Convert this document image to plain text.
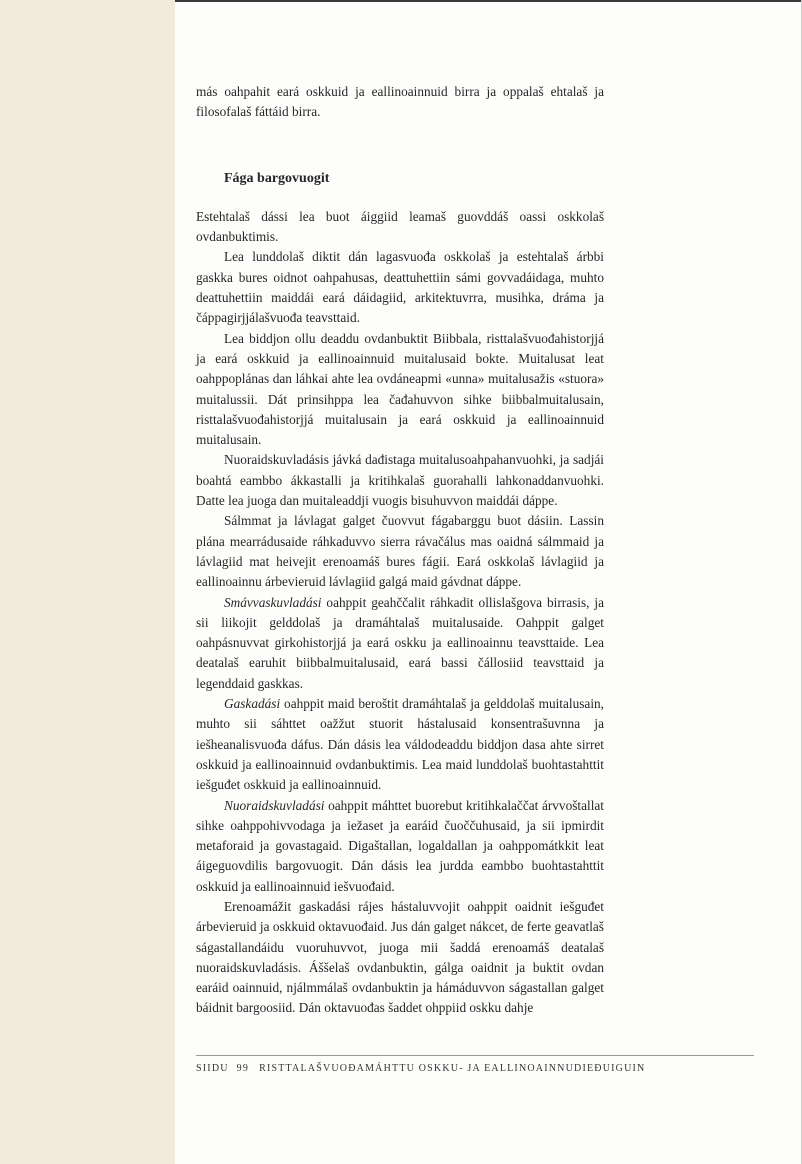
más oahpahit eará oskkuid ja eallinoainnuid birra ja oppalaš ehtalaš ja filosofalaš fáttáid birra.

Fága bargovuogit

Estehtalaš dássi lea buot áiggiid leamaš guovddáš oassi oskkolaš ovdanbuktimis.

Lea lunddolaš diktit dán lagasvuođa oskkolaš ja estehtalaš árbbi gaskka bures oidnot oahpahusas, deattuhettiin sámi govvadáidaga, muhto deattuhettiin maiddái eará dáidagiid, arkitektuvrra, musihka, dráma ja čáppagirjjálašvuođa teavsttaid.

Lea biddjon ollu deaddu ovdanbuktit Biibbala, risttalašvuođahistorjjá ja eará oskkuid ja eallinoainnuid muitalusaid bokte. Muitalusat leat oahppoplánas dan láhkai ahte lea ovdáneapmi «unna» muitalusažis «stuora» muitalussii. Dát prinsihppa lea čađahuvvon sihke biibbalmuitalusain, risttalašvuođahistorjjá muitalusain ja eará oskkuid ja eallinoainnuid muitalusain.

Nuoraidskuvladásis jávká dađistaga muitalusoahpahanvuohki, ja sadjái boahtá eambbo ákkastalli ja kritihkalaš guorahalli lahkonaddanvuohki. Datte lea juoga dan muitaleaddji vuogis bisuhuvvon maiddái dáppe.

Sálmmat ja lávlagat galget čuovvut fágabarggu buot dásiin. Lassin plána mearrádusaide ráhkaduvvo sierra rávačálus mas oaidná sálmmaid ja lávlagiid mat heivejit erenoamáš bures fágii. Eará oskkolaš lávlagiid ja eallinoainnu árbevieruid lávlagiid galgá maid gávdnat dáppe.

Smávvaskuvladási oahppit geahččalit ráhkadit ollislašgova birrasis, ja sii liikojit gelddolaš ja dramáhtalaš muitalusaide. Oahppit galget oahpásnuvvat girkohistorjjá ja eará oskku ja eallinoainnu teavsttaide. Lea deatalaš earuhit biibbalmuitalusaid, eará bassi čállosiid teavsttaid ja legenddaid gaskkas.

Gaskadási oahppit maid beroštit dramáhtalaš ja gelddolaš muitalusain, muhto sii sáhttet oažžut stuorit hástalusaid konsentrašuvnna ja iešheanalisvuođa dáfus. Dán dásis lea váldodeaddu biddjon dasa ahte sirret oskkuid ja eallinoainnuid ovdanbuktimis. Lea maid lunddolaš buohtastahttit iešguđet oskkuid ja eallinoainnuid.

Nuoraidskuvladási oahppit máhttet buorebut kritihkalaččat árvvoštallat sihke oahppohivvodaga ja iežaset ja earáid čuoččuhusaid, ja sii ipmirdit metaforaid ja govastagaid. Digaštallan, logaldallan ja oahppomátkkit leat áigeguovdilis bargovuogit. Dán dásis lea jurdda eambbo buohtastahttit oskkuid ja eallinoainnuid iešvuođaid.

Erenoamážit gaskadási rájes hástaluvvojit oahppit oaidnit iešguđet árbevieruid ja oskkuid oktavuođaid. Jus dán galget nákcet, de ferte geavatlaš ságastallandáidu vuoruhuvvot, juoga mii šaddá erenoamáš deatalaš nuoraidskuvladásis. Áššelaš ovdanbuktin, gálga oaidnit ja buktit ovdan earáid oainnuid, njálmmálaš ovdanbuktin ja hámáduvvon ságastallan galget báidnit bargoosiid. Dán oktavuođas šaddet ohppiid oskku dahje

SIIDU 99 RISTTALAŠVUOĐAMÁHTTU OSKKU- JA EALLINOAINNUDIEĐUIGUIN
